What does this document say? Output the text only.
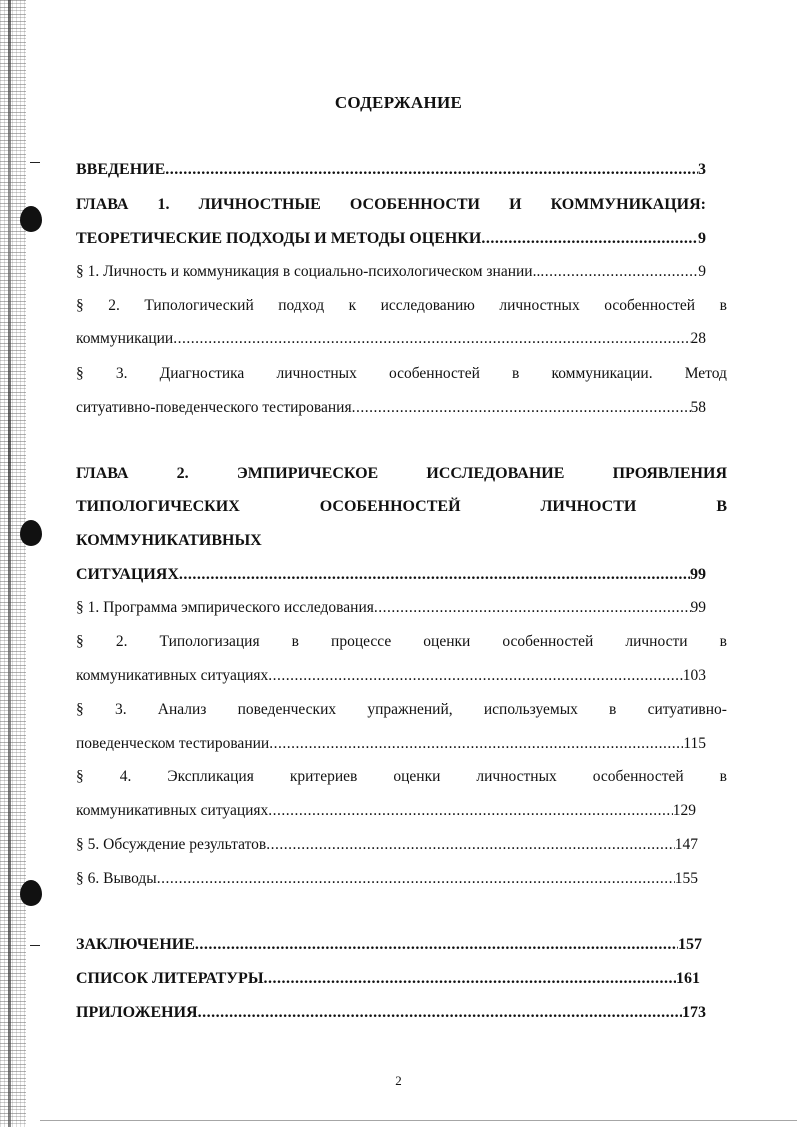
СОДЕРЖАНИЕ
ВВЕДЕНИЕ .....	3
ГЛАВА 1. ЛИЧНОСТНЫЕ ОСОБЕННОСТИ И КОММУНИКАЦИЯ:
ТЕОРЕТИЧЕСКИЕ ПОДХОДЫ И МЕТОДЫ ОЦЕНКИ .....	9
§ 1. Личность и коммуникация в социально-психологическом знании.. .....	9
§ 2. Типологический подход к исследованию личностных особенностей в
коммуникации .....	28
§ 3. Диагностика личностных особенностей в коммуникации. Метод
ситуативно-поведенческого тестирования .....	58
ГЛАВА	2.	ЭМПИРИЧЕСКОЕ	ИССЛЕДОВАНИЕ	ПРОЯВЛЕНИЯ
ТИПОЛОГИЧЕСКИХ	ОСОБЕННОСТЕЙ	ЛИЧНОСТИ	В
КОММУНИКАТИВНЫХ
СИТУАЦИЯХ .....	99
§ 1. Программа эмпирического исследования .....	99
§ 2. Типологизация в процессе оценки особенностей личности в
коммуникативных ситуациях .....	103
§ 3. Анализ поведенческих упражнений, используемых в ситуативно-
поведенческом тестировании .....	115
§ 4. Экспликация критериев оценки личностных особенностей в
коммуникативных ситуациях .....	129
§ 5. Обсуждение результатов .....	147
§ 6. Выводы .....	155
ЗАКЛЮЧЕНИЕ .....	157
СПИСОК ЛИТЕРАТУРЫ .....	161
ПРИЛОЖЕНИЯ .....	173
2
